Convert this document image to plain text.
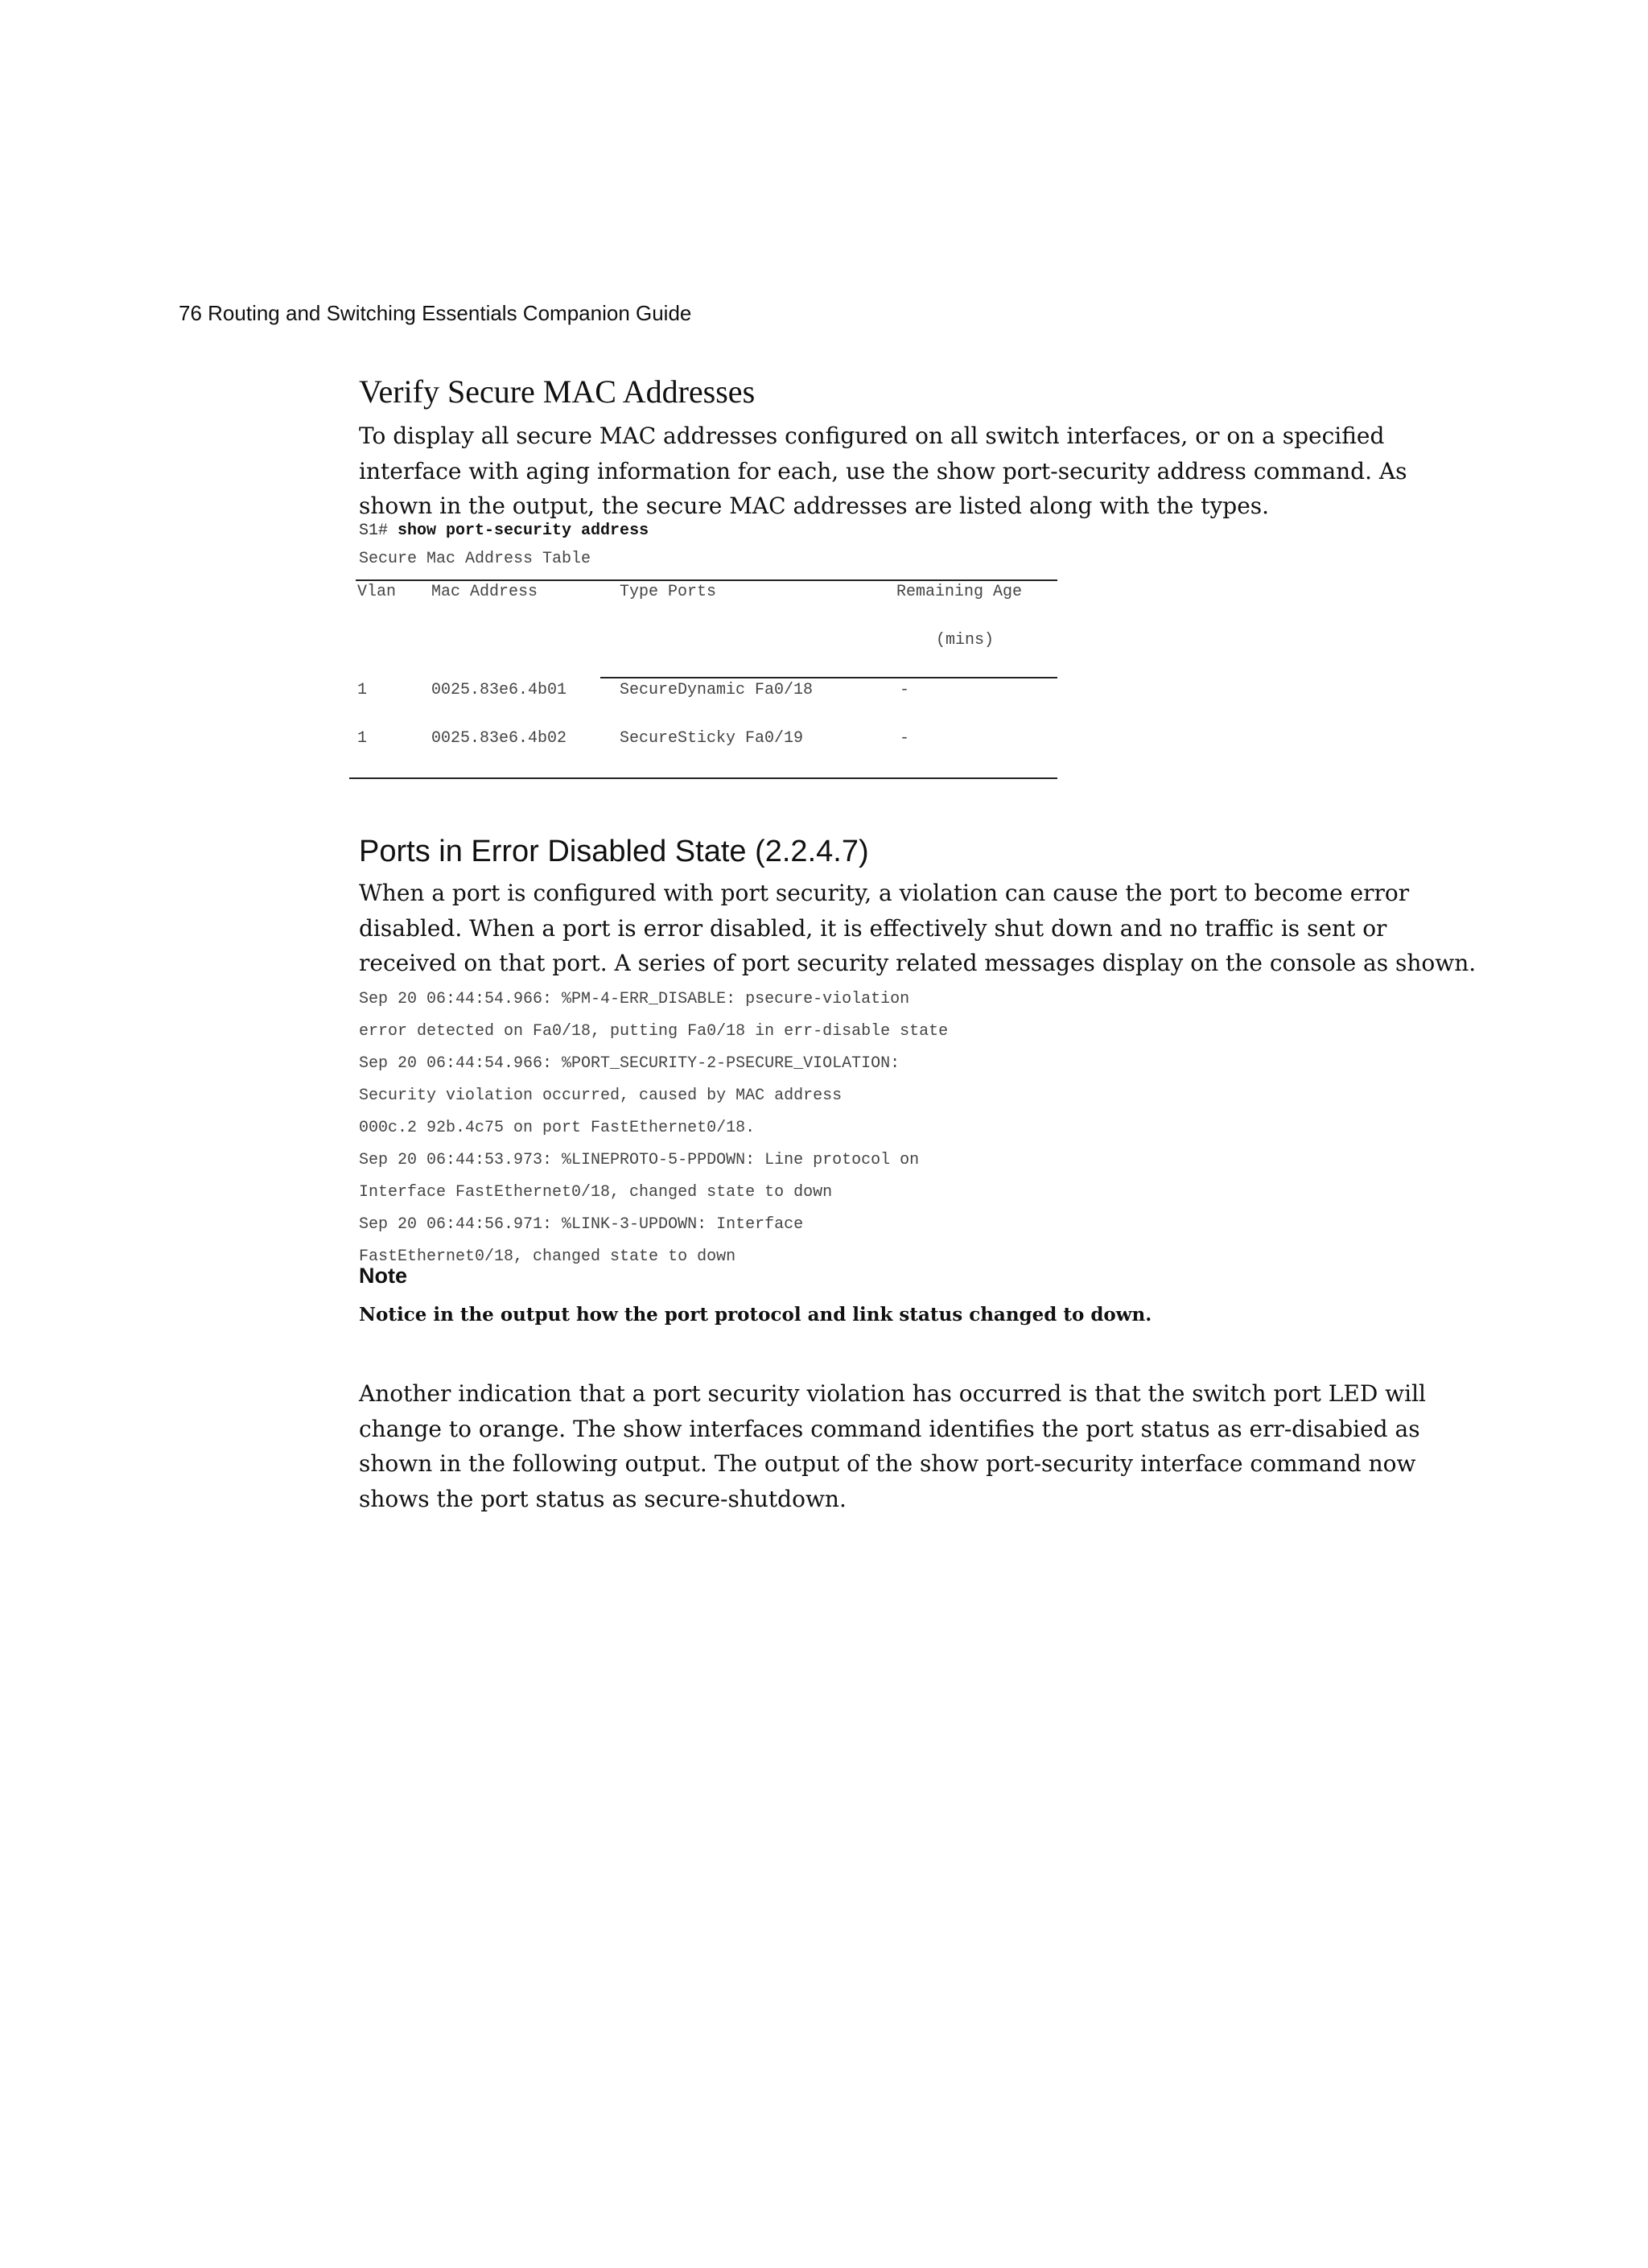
76 Routing and Switching Essentials Companion Guide
Verify Secure MAC Addresses
To display all secure MAC addresses configured on all switch interfaces, or on a specified
interface with aging information for each, use the show port-security address command. As
shown in the output, the secure MAC addresses are listed along with the types.
S1# show port-security address
Secure Mac Address Table
Vlan Mac Address	Type Ports	Remaining Age
(mins)
1	0025.83e6.4b01	SecureDynamic Fa0/18	-
1	0025.83e6.4b02	SecureSticky Fa0/19	-
Ports in Error Disabled State (2.2.4.7)
When a port is configured with port security, a violation can cause the port to become error
disabled. When a port is error disabled, it is effectively shut down and no traffic is sent or
received on that port. A series of port security related messages display on the console as shown.
Sep 20 06:44:54.966: %PM-4-ERR_DISABLE: psecure-violation
error detected on Fa0/18, putting Fa0/18 in err-disable state
Sep 20 06:44:54.966: %PORT_SECURITY-2-PSECURE_VIOLATION:
Security violation occurred, caused by MAC address
000c.2 92b.4c75 on port FastEthernet0/18.
Sep 20 06:44:53.973: %LINEPROTO-5-PPDOWN: Line protocol on
Interface FastEthernet0/18, changed state to down
Sep 20 06:44:56.971: %LINK-3-UPDOWN: Interface
FastEthernet0/18, changed state to down
Note
Notice in the output how the port protocol and link status changed to down.
Another indication that a port security violation has occurred is that the switch port LED will
change to orange. The show interfaces command identifies the port status as err-disabied as
shown in the following output. The output of the show port-security interface command now
shows the port status as secure-shutdown.
